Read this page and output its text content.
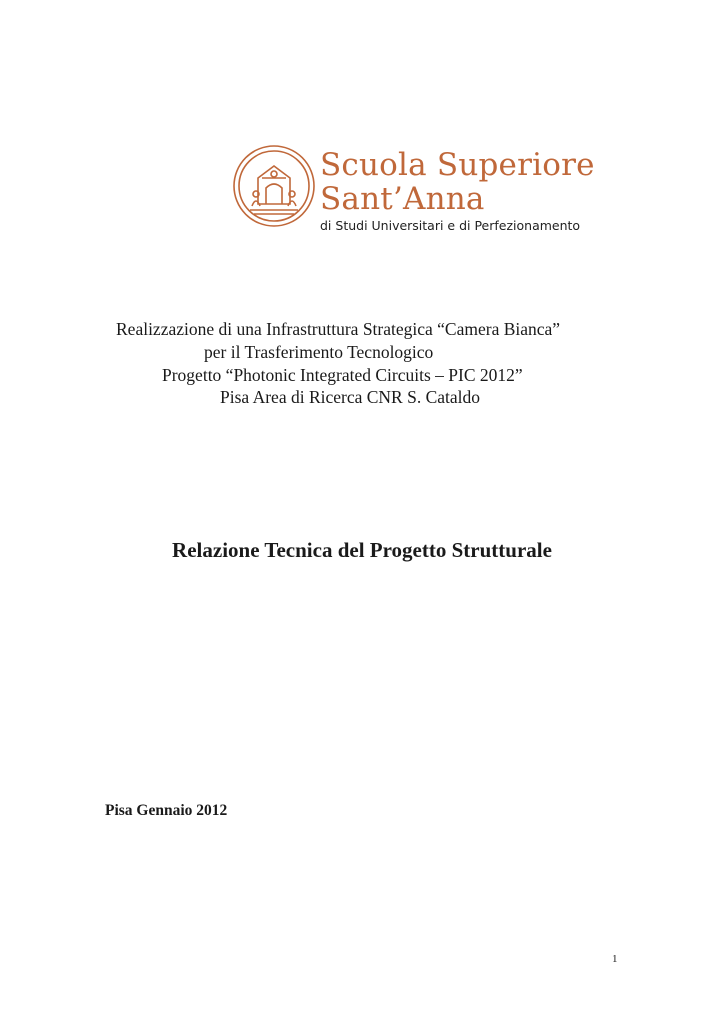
Scuola Superiore
Sant’Anna
di Studi Universitari e di Perfezionamento
Realizzazione di una Infrastruttura Strategica “Camera Bianca”
per il Trasferimento Tecnologico
Progetto “Photonic Integrated Circuits – PIC 2012”
Pisa Area di Ricerca CNR S. Cataldo
Relazione Tecnica del Progetto Strutturale
Pisa Gennaio 2012
1
